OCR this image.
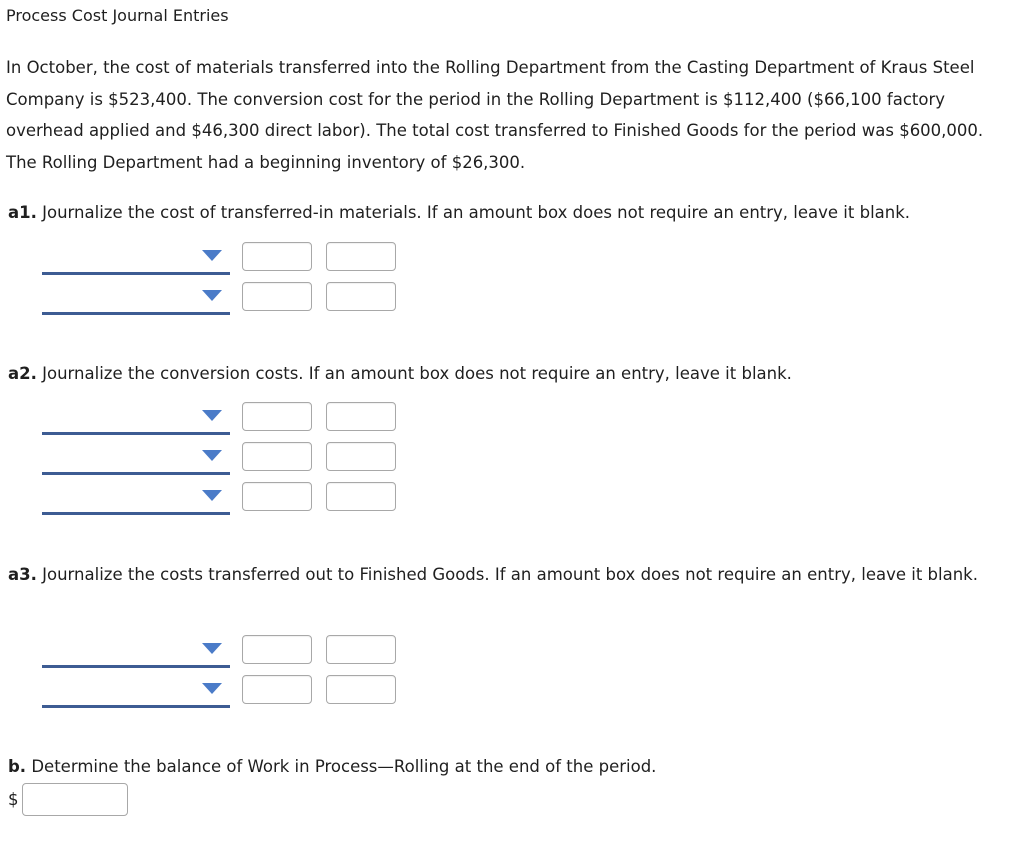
Process Cost Journal Entries

In October, the cost of materials transferred into the Rolling Department from the Casting Department of Kraus Steel Company is $523,400. The conversion cost for the period in the Rolling Department is $112,400 ($66,100 factory overhead applied and $46,300 direct labor). The total cost transferred to Finished Goods for the period was $600,000. The Rolling Department had a beginning inventory of $26,300.

a1. Journalize the cost of transferred-in materials. If an amount box does not require an entry, leave it blank.

a2. Journalize the conversion costs. If an amount box does not require an entry, leave it blank.

a3. Journalize the costs transferred out to Finished Goods. If an amount box does not require an entry, leave it blank.

b. Determine the balance of Work in Process—Rolling at the end of the period.

$
